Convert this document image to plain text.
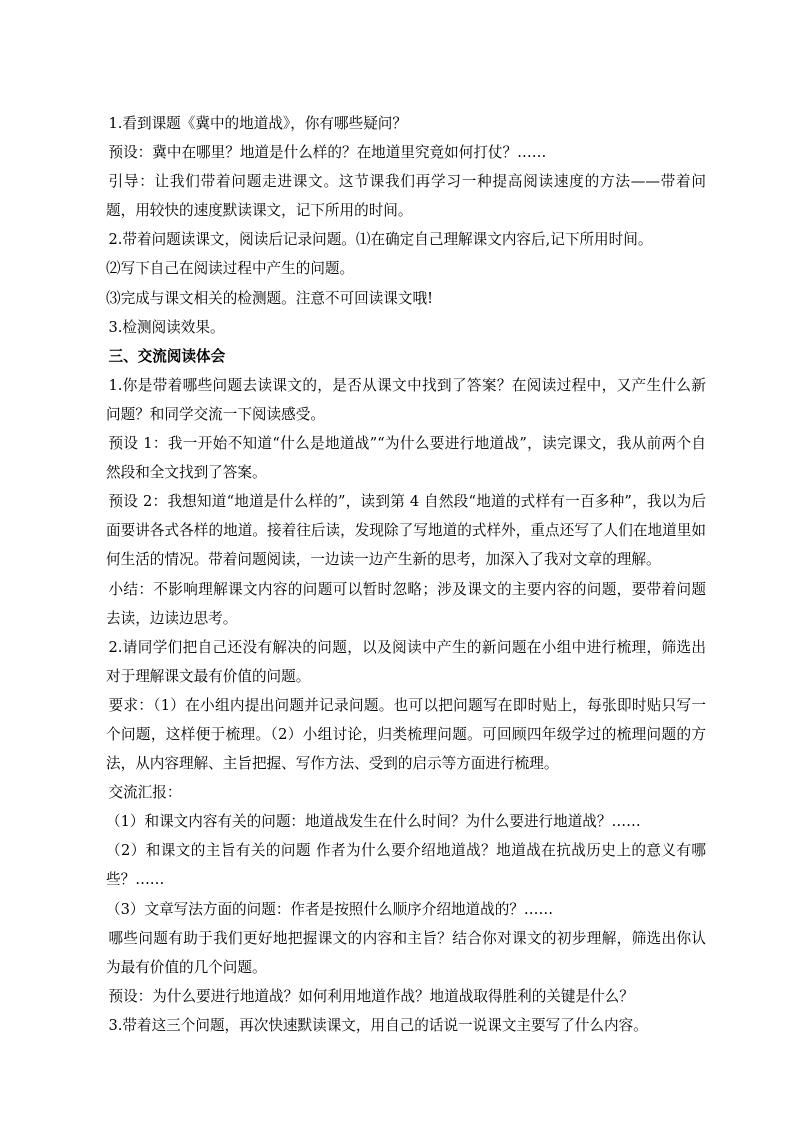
1.看到课题《冀中的地道战》，你有哪些疑问？

预设：冀中在哪里？地道是什么样的？在地道里究竟如何打仗？……

引导：让我们带着问题走进课文。这节课我们再学习一种提高阅读速度的方法——带着问题，用较快的速度默读课文，记下所用的时间。

2.带着问题读课文，阅读后记录问题。⑴在确定自己理解课文内容后,记下所用时间。

⑵写下自己在阅读过程中产生的问题。

⑶完成与课文相关的检测题。注意不可回读课文哦!

3.检测阅读效果。

三、交流阅读体会

1.你是带着哪些问题去读课文的，是否从课文中找到了答案？在阅读过程中，又产生什么新问题？和同学交流一下阅读感受。

预设 1：我一开始不知道“什么是地道战”“为什么要进行地道战”，读完课文，我从前两个自然段和全文找到了答案。

预设 2：我想知道“地道是什么样的”，读到第 4 自然段“地道的式样有一百多种”，我以为后面要讲各式各样的地道。接着往后读，发现除了写地道的式样外，重点还写了人们在地道里如何生活的情况。带着问题阅读，一边读一边产生新的思考，加深入了我对文章的理解。

小结：不影响理解课文内容的问题可以暂时忽略；涉及课文的主要内容的问题，要带着问题去读，边读边思考。

2.请同学们把自己还没有解决的问题，以及阅读中产生的新问题在小组中进行梳理，筛选出对于理解课文最有价值的问题。

要求：（1）在小组内提出问题并记录问题。也可以把问题写在即时贴上，每张即时贴只写一个问题，这样便于梳理。（2）小组讨论，归类梳理问题。可回顾四年级学过的梳理问题的方法，从内容理解、主旨把握、写作方法、受到的启示等方面进行梳理。

交流汇报：

（1）和课文内容有关的问题：地道战发生在什么时间？为什么要进行地道战？……

（2）和课文的主旨有关的问题 作者为什么要介绍地道战？地道战在抗战历史上的意义有哪些？……

（3）文章写法方面的问题：作者是按照什么顺序介绍地道战的？……

哪些问题有助于我们更好地把握课文的内容和主旨？结合你对课文的初步理解，筛选出你认为最有价值的几个问题。

预设：为什么要进行地道战？如何利用地道作战？地道战取得胜利的关键是什么？

3.带着这三个问题，再次快速默读课文，用自己的话说一说课文主要写了什么内容。
